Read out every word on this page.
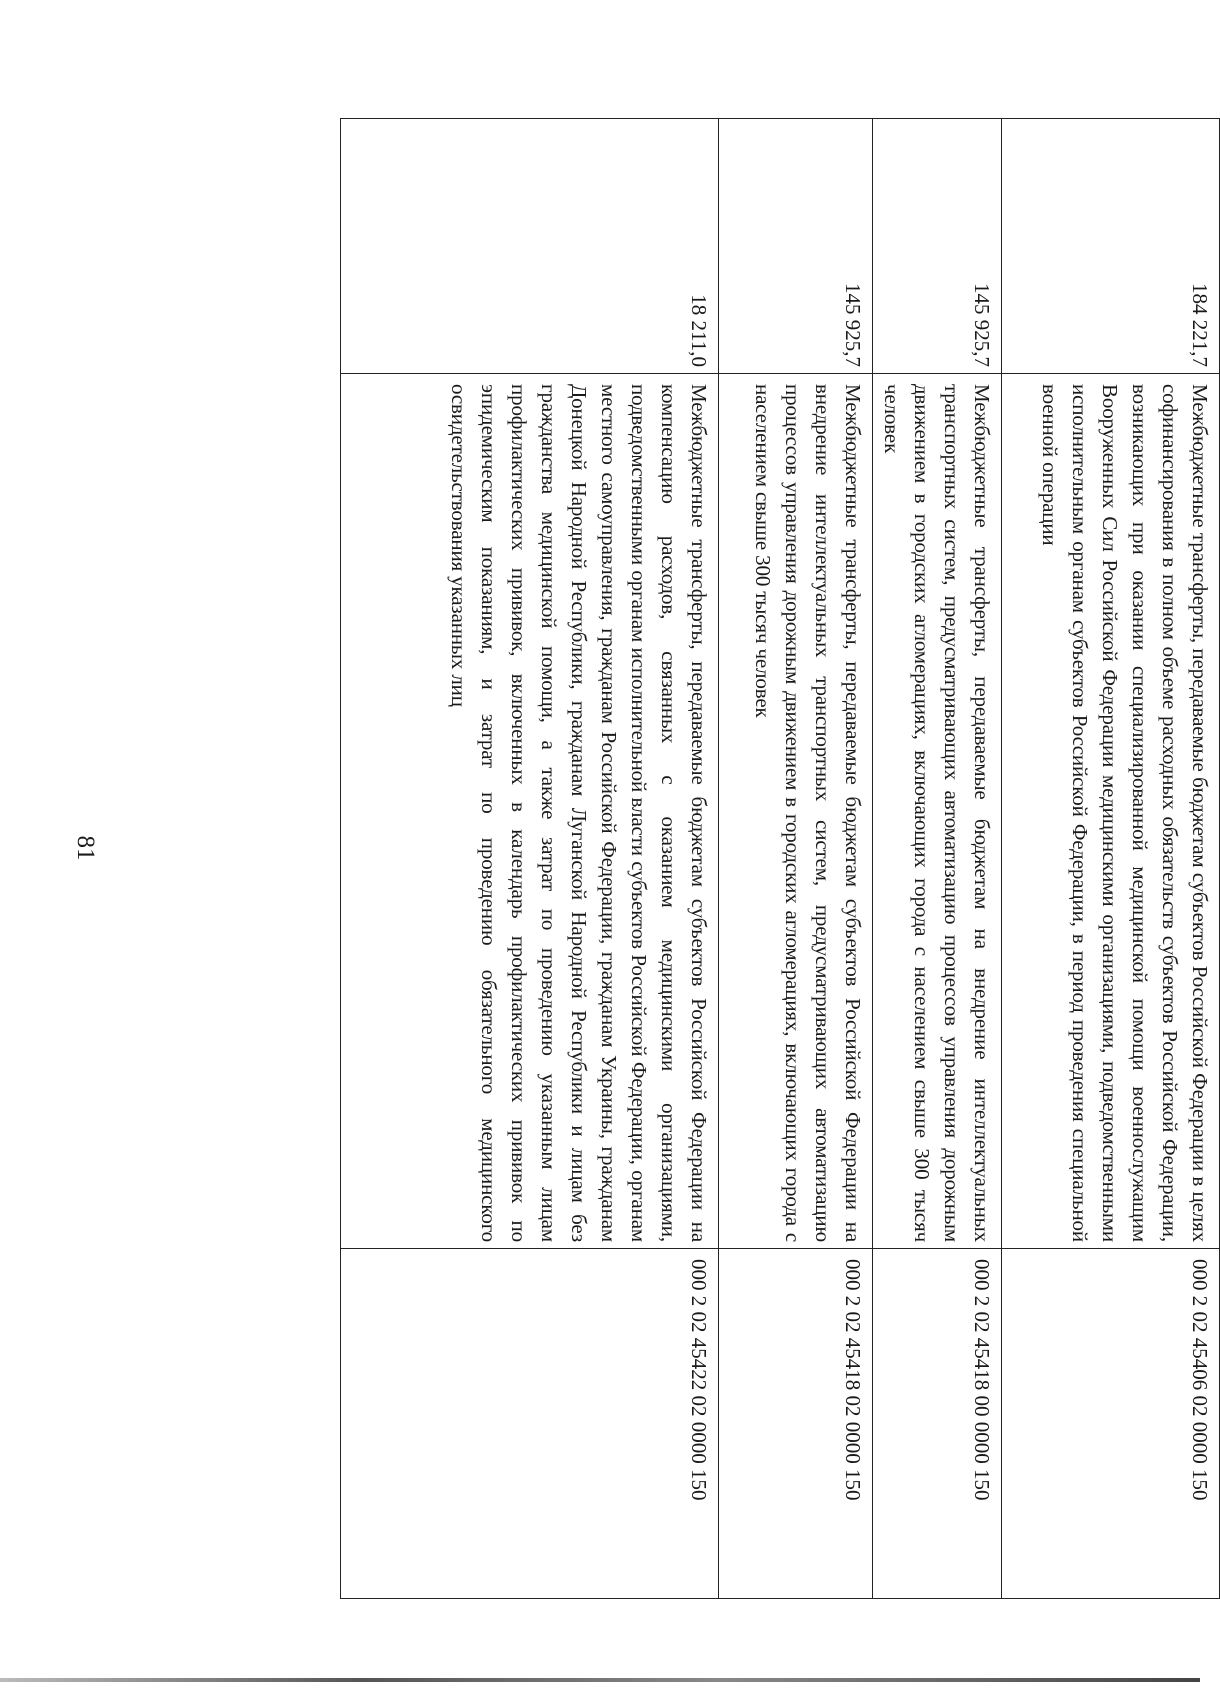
81
184 221,7	Межбюджетные трансферты, передаваемые бюджетам субъектов Российской Федерации в целях софинансирования в полном объеме расходных обязательств субъектов Российской Федерации, возникающих при оказании специализированной медицинской помощи военнослужащим Вооруженных Сил Российской Федерации медицинскими организациями, подведомственными исполнительным органам субъектов Российской Федерации, в период проведения специальной военной операции	000 2 02 45406 02 0000 150
145 925,7	Межбюджетные трансферты, передаваемые бюджетам на внедрение интеллектуальных транспортных систем, предусматривающих автоматизацию процессов управления дорожным движением в городских агломерациях, включающих города с населением свыше 300 тысяч человек	000 2 02 45418 00 0000 150
145 925,7	Межбюджетные трансферты, передаваемые бюджетам субъектов Российской Федерации на внедрение интеллектуальных транспортных систем, предусматривающих автоматизацию процессов управления дорожным движением в городских агломерациях, включающих города с населением свыше 300 тысяч человек	000 2 02 45418 02 0000 150
18 211,0	Межбюджетные трансферты, передаваемые бюджетам субъектов Российской Федерации на компенсацию расходов, связанных с оказанием медицинскими организациями, подведомственными органам исполнительной власти субъектов Российской Федерации, органам местного самоуправления, гражданам Российской Федерации, гражданам Украины, гражданам Донецкой Народной Республики, гражданам Луганской Народной Республики и лицам без гражданства медицинской помощи, а также затрат по проведению указанным лицам профилактических прививок, включенных в календарь профилактических прививок по эпидемическим показаниям, и затрат по проведению обязательного медицинского освидетельствования указанных лиц	000 2 02 45422 02 0000 150
